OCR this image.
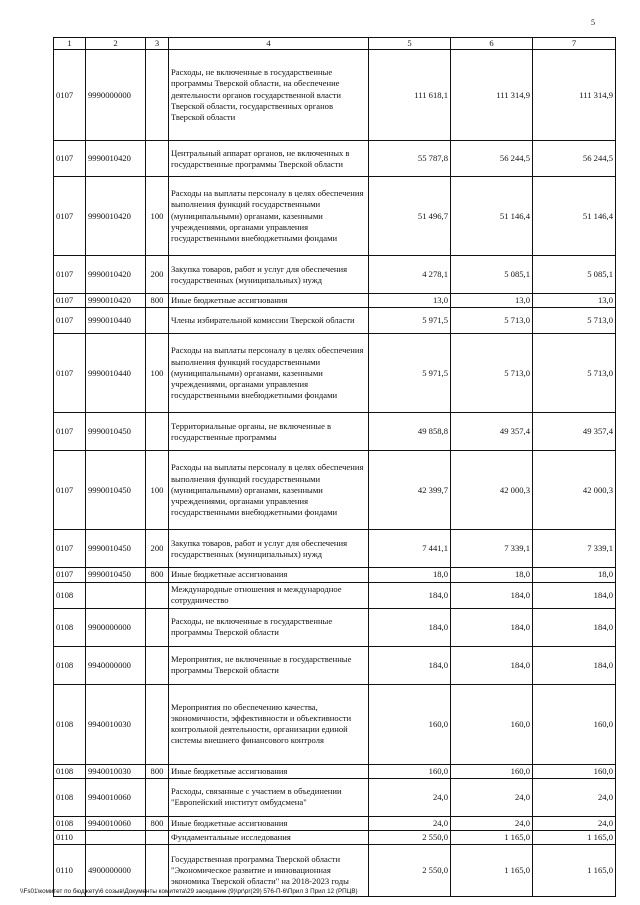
5
1	2	3	4	5	6	7
0107	9990000000		Расходы, не включенные в государственные программы Тверской области, на обеспечение деятельности органов государственной власти Тверской области, государственных органов Тверской области	111 618,1	111 314,9	111 314,9
0107	9990010420		Центральный аппарат органов, не включенных в государственные программы Тверской области	55 787,8	56 244,5	56 244,5
0107	9990010420	100	Расходы на выплаты персоналу в целях обеспечения выполнения функций государственными (муниципальными) органами, казенными учреждениями, органами управления государственными внебюджетными фондами	51 496,7	51 146,4	51 146,4
0107	9990010420	200	Закупка товаров, работ и услуг для обеспечения государственных (муниципальных) нужд	4 278,1	5 085,1	5 085,1
0107	9990010420	800	Иные бюджетные ассигнования	13,0	13,0	13,0
0107	9990010440		Члены избирательной комиссии Тверской области	5 971,5	5 713,0	5 713,0
0107	9990010440	100	Расходы на выплаты персоналу в целях обеспечения выполнения функций государственными (муниципальными) органами, казенными учреждениями, органами управления государственными внебюджетными фондами	5 971,5	5 713,0	5 713,0
0107	9990010450		Территориальные органы, не включенные в государственные программы	49 858,8	49 357,4	49 357,4
0107	9990010450	100	Расходы на выплаты персоналу в целях обеспечения выполнения функций государственными (муниципальными) органами, казенными учреждениями, органами управления государственными внебюджетными фондами	42 399,7	42 000,3	42 000,3
0107	9990010450	200	Закупка товаров, работ и услуг для обеспечения государственных (муниципальных) нужд	7 441,1	7 339,1	7 339,1
0107	9990010450	800	Иные бюджетные ассигнования	18,0	18,0	18,0
0108			Международные отношения и международное сотрудничество	184,0	184,0	184,0
0108	9900000000		Расходы, не включенные в государственные программы Тверской области	184,0	184,0	184,0
0108	9940000000		Мероприятия, не включенные в государственные программы Тверской области	184,0	184,0	184,0
0108	9940010030		Мероприятия по обеспечению качества, экономичности, эффективности и объективности контрольной деятельности, организации единой системы внешнего финансового контроля	160,0	160,0	160,0
0108	9940010030	800	Иные бюджетные ассигнования	160,0	160,0	160,0
0108	9940010060		Расходы, связанные с участием в объединении "Европейский институт омбудсмена"	24,0	24,0	24,0
0108	9940010060	800	Иные бюджетные ассигнования	24,0	24,0	24,0
0110			Фундаментальные исследования	2 550,0	1 165,0	1 165,0
0110	4900000000		Государственная программа Тверской области "Экономическое развитие и инновационная экономика Тверской области" на 2018-2023 годы	2 550,0	1 165,0	1 165,0
\\Fs01\комитет по бюджету\6 созыв\Документы комитета\29 заседание (9)\pr\pr(29) 576-П-6\Прил 3 Прил 12 (РПЦВ)
